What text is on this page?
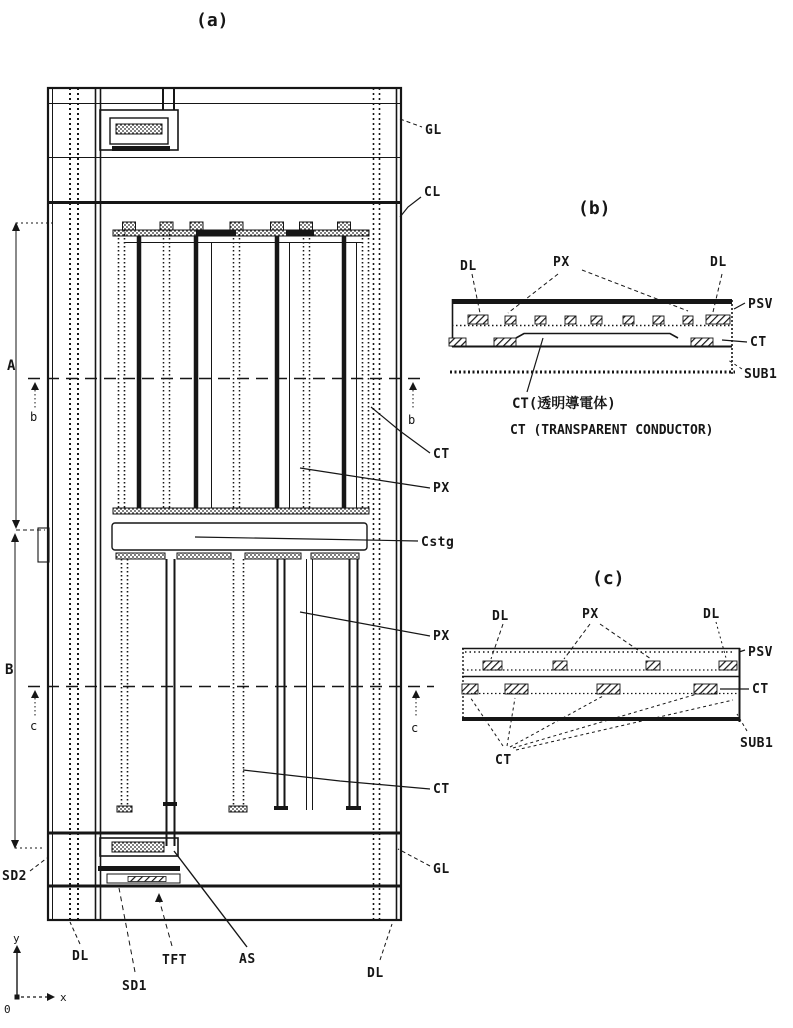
(a)
b	b
c	c
A
B
GL
CL
CT
PX
Cstg
PX
CT
GL
SD2
DL
SD1
TFT	AS
DL
y
x
0
(b)
DL	PX	DL
PSV
CT
SUB1
CT(透明導電体)
CT (TRANSPARENT CONDUCTOR)
(c)
DL	PX	DL
PSV
CT
SUB1
CT
